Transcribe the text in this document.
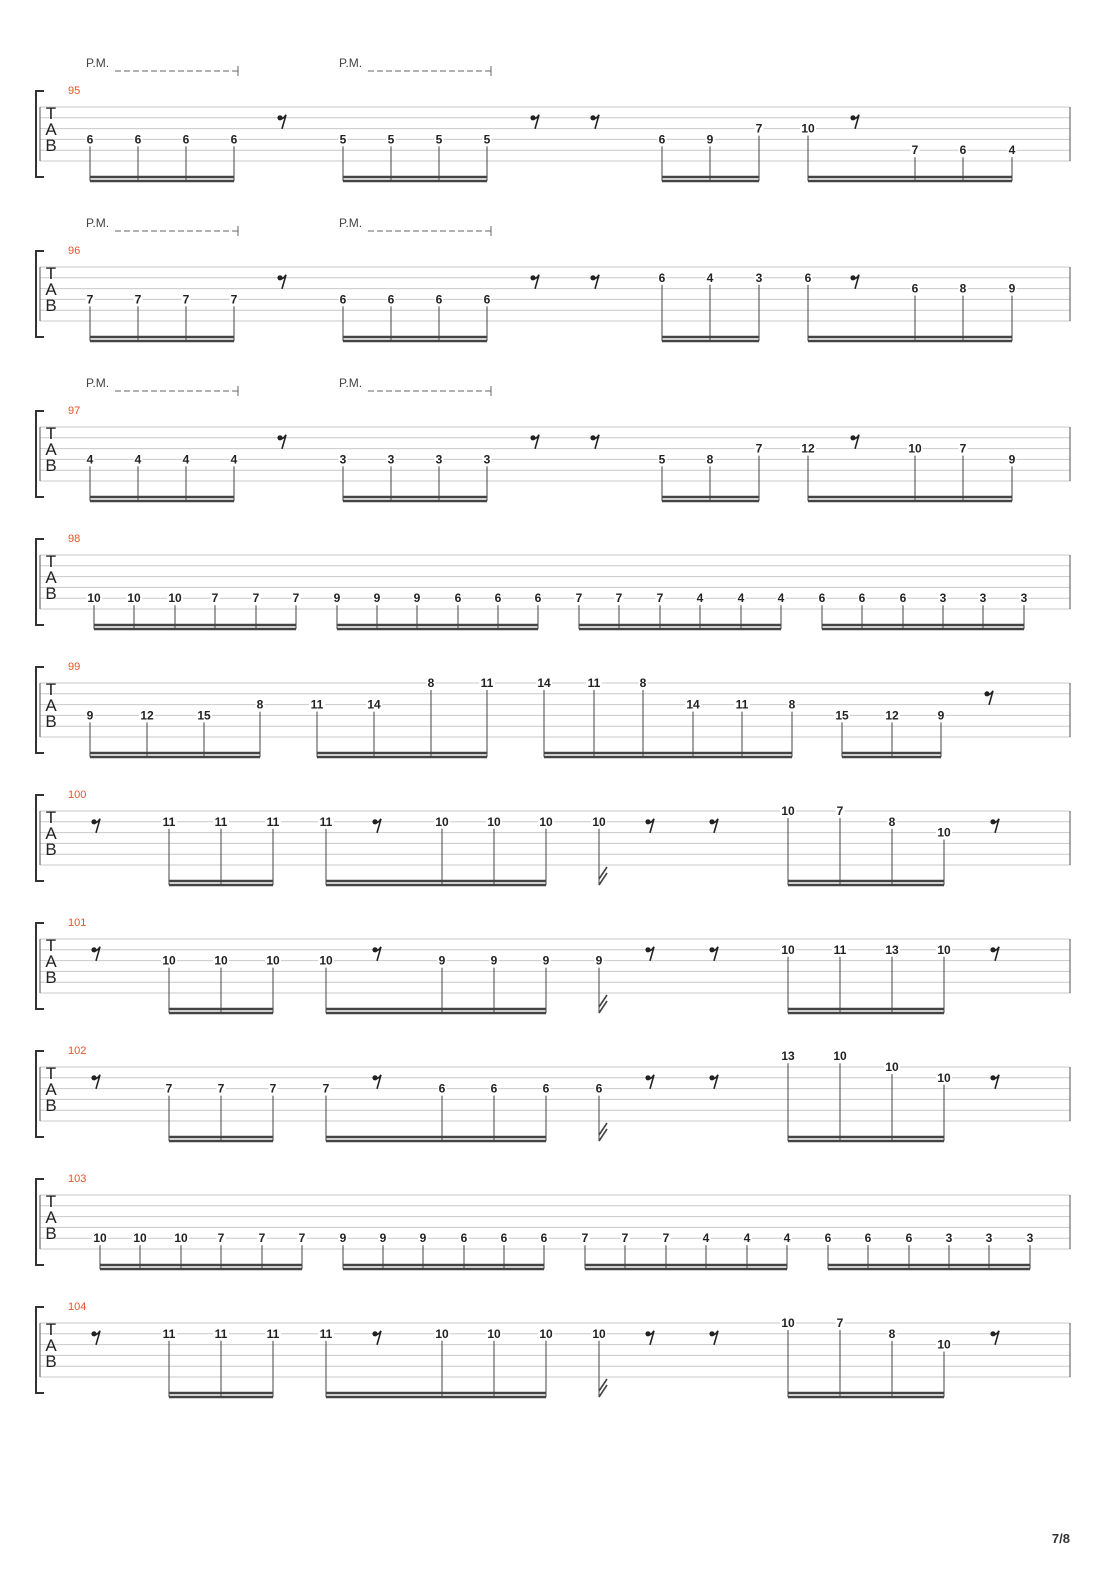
T
A
B
95
P.M.	P.M.
6	6	6	6	5	5	5	5	6	9
7	10
7	6	4
T
A
B
96
P.M.	P.M.
7	7	7	7	6	6	6	6
6	4	3	6
6	8	9
T
A
B
97
P.M.	P.M.
4	4	4	4	3	3	3	3	5	8
7	12	10	7
9
T
A
B
98
10 10 10 7	7	7	9	9	9	6	6	6	7	7	7	4	4	4	6	6	6	3	3	3
T
A
B
99
9	12	15
8	11	14
8	11	14	11	8
14	11	8
15	12	9
T
A
B
100
11	11	11	11	10	10	10	10
10	7
8
10
T
A
B
101
10	10	10	10	9	9	9	9
10	11	13	10
T
A
B
102
7	7	7	7	6	6	6	6
13	10
10
10
T
A
B
103
10 10 10 7	7	7	9	9	9	6	6	6	7	7	7	4	4	4	6	6	6	3	3	3
T
A
B
104
11	11	11	11	10	10	10	10
10	7
8
10
7/8
